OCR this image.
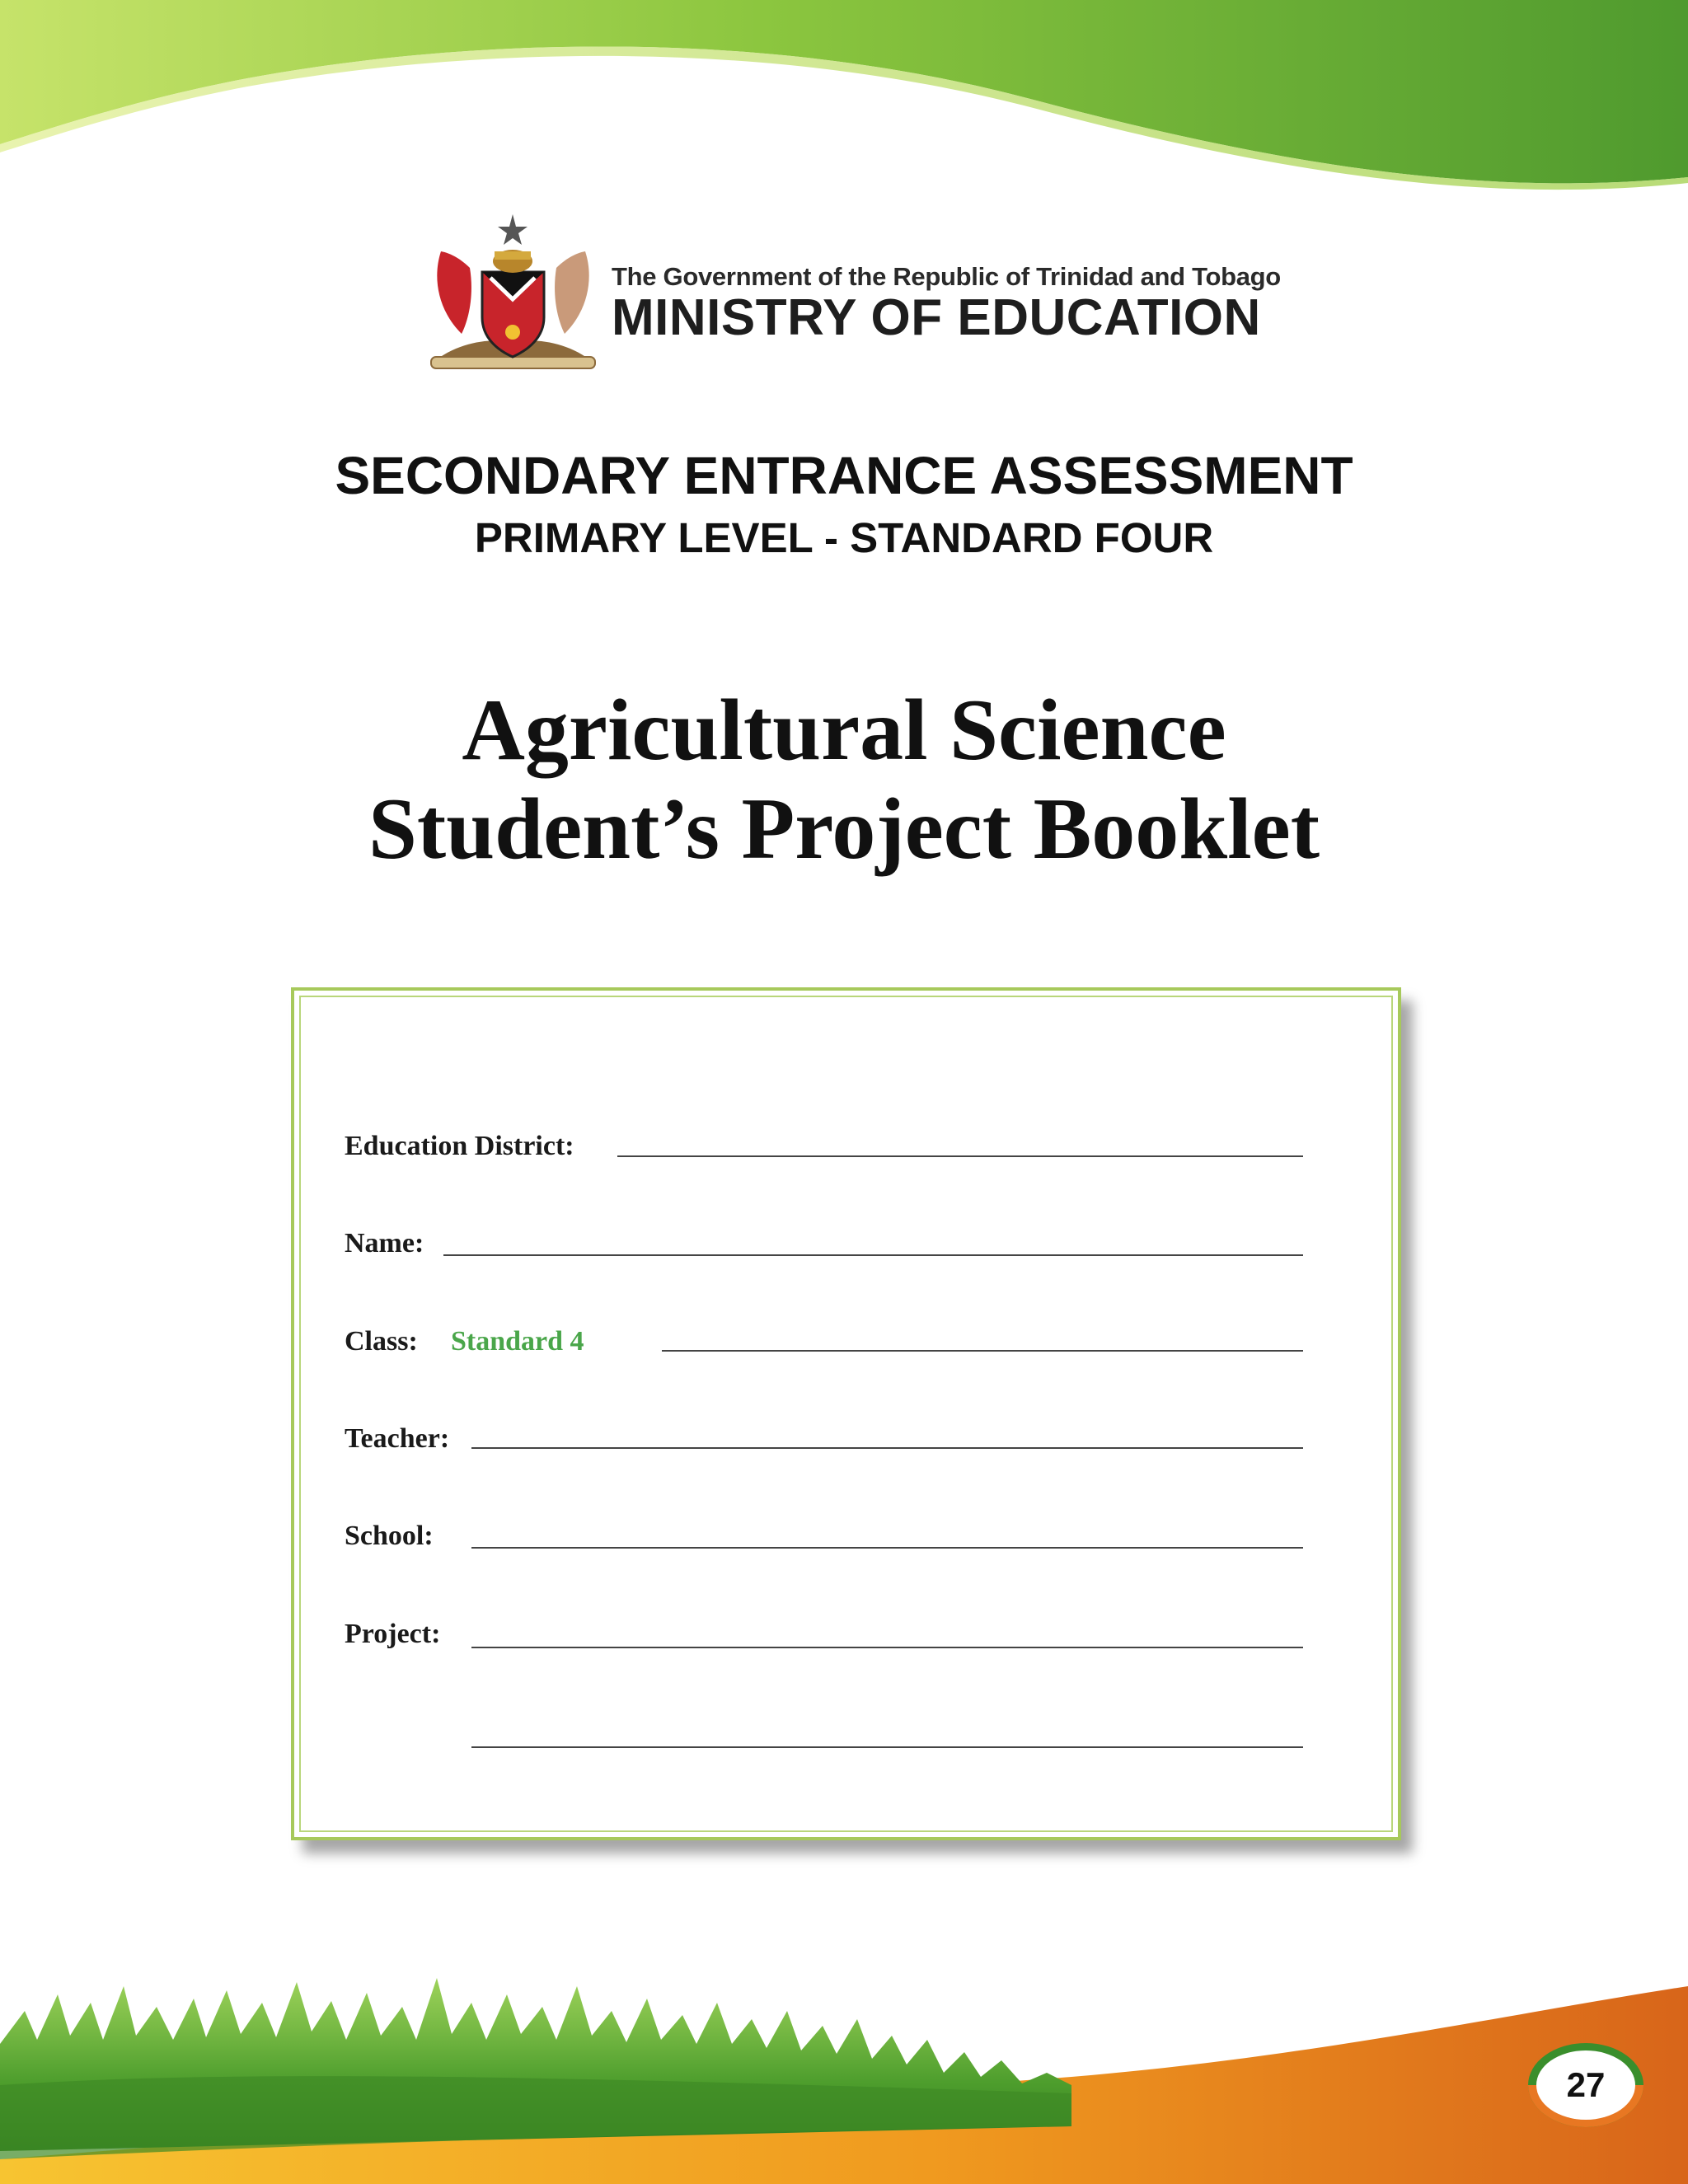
The Government of the Republic of Trinidad and Tobago
MINISTRY OF EDUCATION
SECONDARY ENTRANCE ASSESSMENT
PRIMARY LEVEL - STANDARD FOUR
Agricultural Science
Student’s Project Booklet
Education District:
Name:
Class: Standard 4
Teacher:
School:
Project:
27
